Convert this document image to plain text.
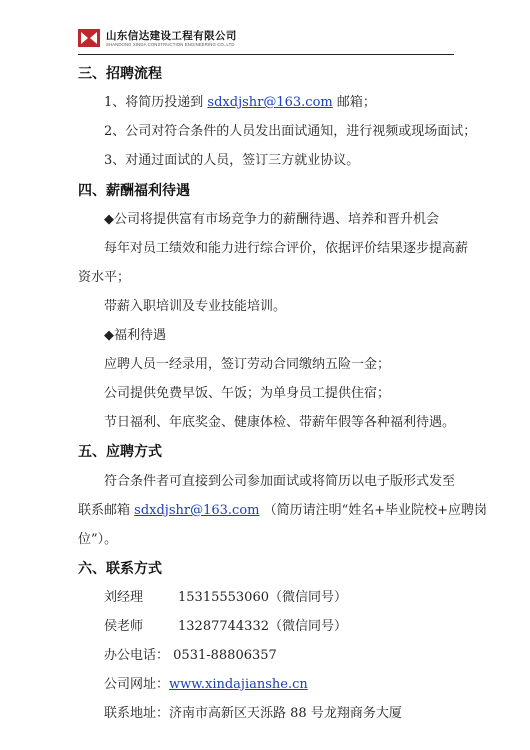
山东信达建设工程有限公司
SHANDONG XINDA CONSTRUCTION ENGINEERING CO.,LTD
三、招聘流程
1、将简历投递到 sdxdjshr@163.com 邮箱；
2、公司对符合条件的人员发出面试通知，进行视频或现场面试；
3、对通过面试的人员，签订三方就业协议。
四、薪酬福利待遇
◆公司将提供富有市场竞争力的薪酬待遇、培养和晋升机会
每年对员工绩效和能力进行综合评价，依据评价结果逐步提高薪
资水平；
带薪入职培训及专业技能培训。
◆福利待遇
应聘人员一经录用，签订劳动合同缴纳五险一金；
公司提供免费早饭、午饭；为单身员工提供住宿；
节日福利、年底奖金、健康体检、带薪年假等各种福利待遇。
五、应聘方式
符合条件者可直接到公司参加面试或将简历以电子版形式发至
联系邮箱 sdxdjshr@163.com （简历请注明“姓名+毕业院校+应聘岗
位”）。
六、联系方式
刘经理	15315553060（微信同号）
侯老师	13287744332（微信同号）
办公电话： 0531-88806357
公司网址：www.xindajianshe.cn
联系地址：济南市高新区天泺路 88 号龙翔商务大厦
